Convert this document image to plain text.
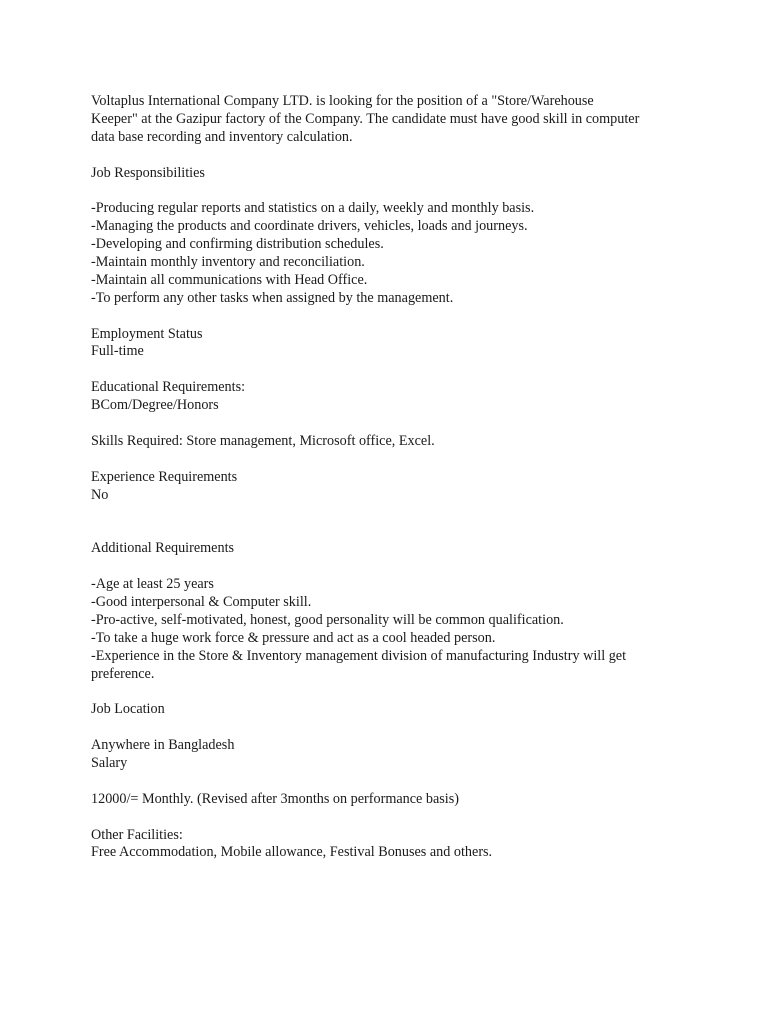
Voltaplus International Company LTD. is looking for the position of a "Store/Warehouse
Keeper" at the Gazipur factory of the Company. The candidate must have good skill in computer
data base recording and inventory calculation.
Job Responsibilities
-Producing regular reports and statistics on a daily, weekly and monthly basis.
-Managing the products and coordinate drivers, vehicles, loads and journeys.
-Developing and confirming distribution schedules.
-Maintain monthly inventory and reconciliation.
-Maintain all communications with Head Office.
-To perform any other tasks when assigned by the management.
Employment Status
Full-time
Educational Requirements:
BCom/Degree/Honors
Skills Required: Store management, Microsoft office, Excel.
Experience Requirements
No
Additional Requirements
-Age at least 25 years
-Good interpersonal & Computer skill.
-Pro-active, self-motivated, honest, good personality will be common qualification.
-To take a huge work force & pressure and act as a cool headed person.
-Experience in the Store & Inventory management division of manufacturing Industry will get
preference.
Job Location
Anywhere in Bangladesh
Salary
12000/= Monthly. (Revised after 3months on performance basis)
Other Facilities:
Free Accommodation, Mobile allowance, Festival Bonuses and others.
